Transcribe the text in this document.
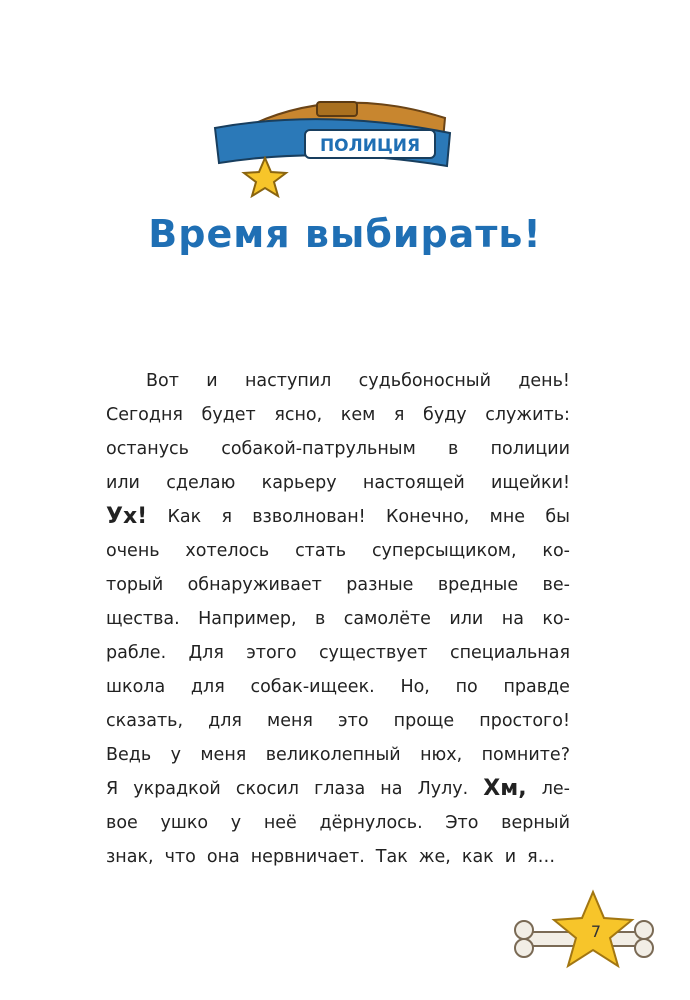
ПОЛИЦИЯ
Время выбирать!
Вот и наступил судьбоносный день!
Сегодня будет ясно, кем я буду служить:
останусь собакой-патрульным в полиции
или сделаю карьеру настоящей ищейки!
Ух! Как я взволнован! Конечно, мне бы
очень хотелось стать суперсыщиком, ко-
торый обнаруживает разные вредные ве-
щества. Например, в самолёте или на ко-
рабле. Для этого существует специальная
школа для собак-ищеек. Но, по правде
сказать, для меня это проще простого!
Ведь у меня великолепный нюх, помните?
Я украдкой скосил глаза на Лулу. Хм, ле-
вое ушко у неё дёрнулось. Это верный
знак, что она нервничает. Так же, как и я…
7
